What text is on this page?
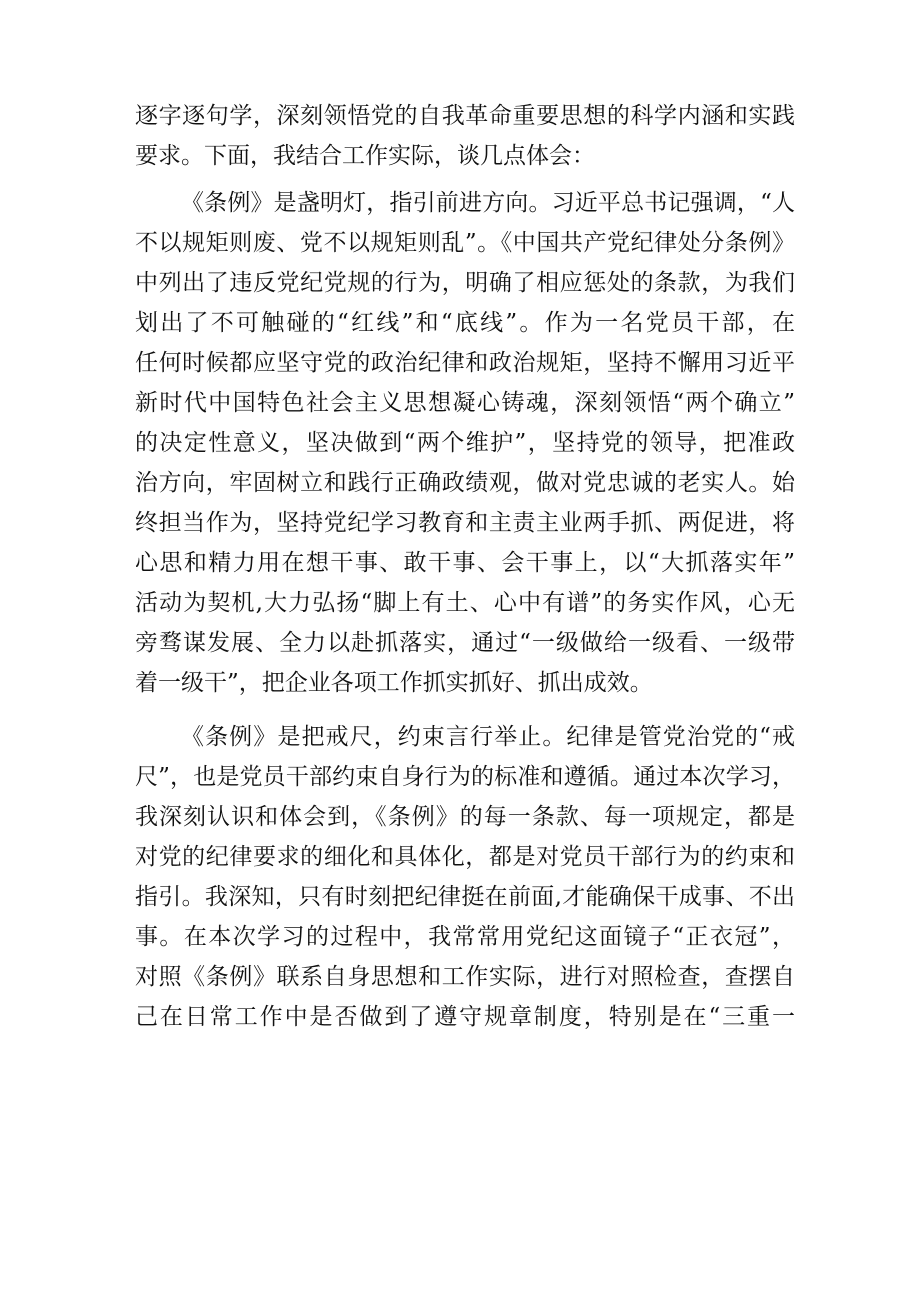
逐字逐句学，深刻领悟党的自我革命重要思想的科学内涵和实践
要求。下面，我结合工作实际，谈几点体会：
《条例》是盏明灯，指引前进方向。习近平总书记强调，“人
不以规矩则废、党不以规矩则乱”。《中国共产党纪律处分条例》
中列出了违反党纪党规的行为，明确了相应惩处的条款，为我们
划出了不可触碰的“红线”和“底线”。作为一名党员干部，在
任何时候都应坚守党的政治纪律和政治规矩，坚持不懈用习近平
新时代中国特色社会主义思想凝心铸魂，深刻领悟“两个确立”
的决定性意义，坚决做到“两个维护”，坚持党的领导，把准政
治方向，牢固树立和践行正确政绩观，做对党忠诚的老实人。始
终担当作为，坚持党纪学习教育和主责主业两手抓、两促进，将
心思和精力用在想干事、敢干事、会干事上，以“大抓落实年”
活动为契机,大力弘扬“脚上有土、心中有谱”的务实作风，心无
旁骛谋发展、全力以赴抓落实，通过“一级做给一级看、一级带
着一级干”，把企业各项工作抓实抓好、抓出成效。
《条例》是把戒尺，约束言行举止。纪律是管党治党的“戒
尺”，也是党员干部约束自身行为的标准和遵循。通过本次学习，
我深刻认识和体会到，《条例》的每一条款、每一项规定，都是
对党的纪律要求的细化和具体化，都是对党员干部行为的约束和
指引。我深知，只有时刻把纪律挺在前面,才能确保干成事、不出
事。在本次学习的过程中，我常常用党纪这面镜子“正衣冠”，
对照《条例》联系自身思想和工作实际，进行对照检查，查摆自
己在日常工作中是否做到了遵守规章制度，特别是在“三重一
